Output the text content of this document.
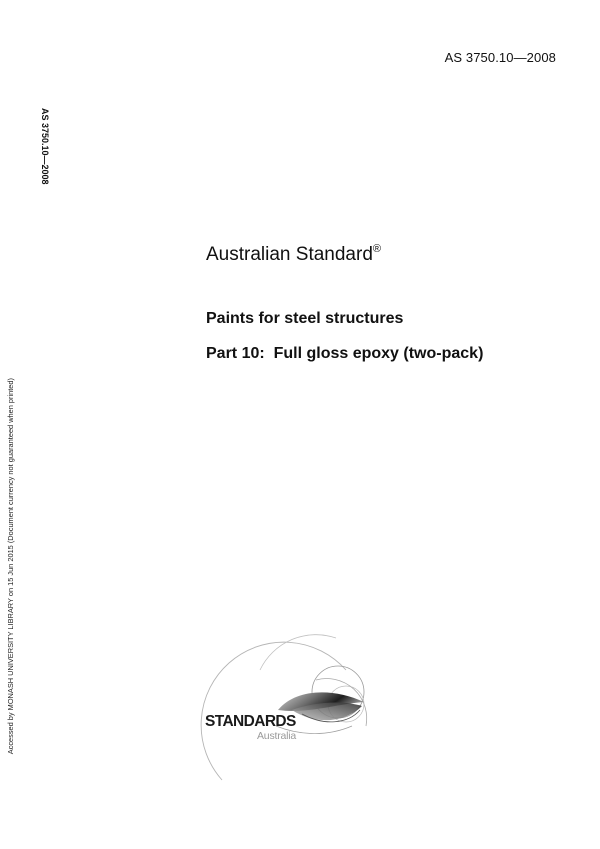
AS 3750.10—2008
AS 3750.10—2008
Accessed by MONASH UNIVERSITY LIBRARY on 15 Jun 2015 (Document currency not guaranteed when printed)
Australian Standard®
Paints for steel structures
Part 10:  Full gloss epoxy (two-pack)
STANDARDS
Australia
